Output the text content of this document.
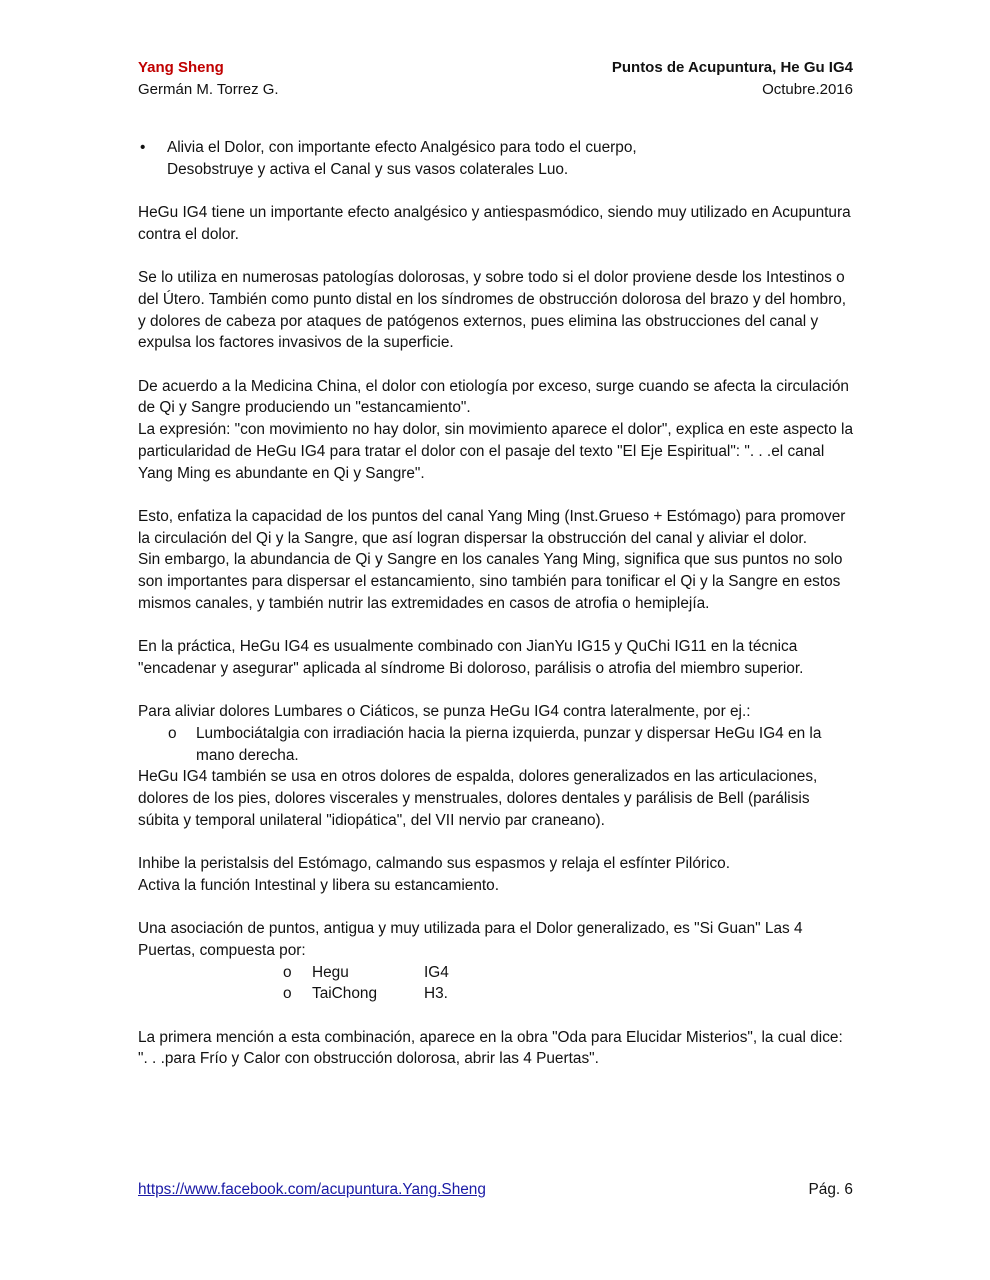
Yang Sheng
Germán M. Torrez G.
Puntos de Acupuntura, He Gu IG4
Octubre.2016
• Alivia el Dolor, con importante efecto Analgésico para todo el cuerpo,
Desobstruye y activa el Canal y sus vasos colaterales Luo.

HeGu IG4 tiene un importante efecto analgésico y antiespasmódico, siendo muy utilizado en Acupuntura contra el dolor.

Se lo utiliza en numerosas patologías dolorosas, y sobre todo si el dolor proviene desde los Intestinos o del Útero. También como punto distal en los síndromes de obstrucción dolorosa del brazo y del hombro, y dolores de cabeza por ataques de patógenos externos, pues elimina las obstrucciones del canal y expulsa los factores invasivos de la superficie.

De acuerdo a la Medicina China, el dolor con etiología por exceso, surge cuando se afecta la circulación de Qi y Sangre produciendo un "estancamiento".
La expresión: "con movimiento no hay dolor, sin movimiento aparece el dolor", explica en este aspecto la particularidad de HeGu IG4 para tratar el dolor con el pasaje del texto "El Eje Espiritual": ". . .el canal Yang Ming es abundante en Qi y Sangre".
Esto, enfatiza la capacidad de los puntos del canal Yang Ming (Inst.Grueso + Estómago) para promover la circulación del Qi y la Sangre, que así logran dispersar la obstrucción del canal y aliviar el dolor.
Sin embargo, la abundancia de Qi y Sangre en los canales Yang Ming, significa que sus puntos no solo son importantes para dispersar el estancamiento, sino también para tonificar el Qi y la Sangre en estos mismos canales, y también nutrir las extremidades en casos de atrofia o hemiplejía.

En la práctica, HeGu IG4 es usualmente combinado con JianYu IG15 y QuChi IG11 en la técnica "encadenar y asegurar" aplicada al síndrome Bi doloroso, parálisis o atrofia del miembro superior.

Para aliviar dolores Lumbares o Ciáticos, se punza HeGu IG4 contra lateralmente, por ej.:
o Lumbociátalgia con irradiación hacia la pierna izquierda, punzar y dispersar HeGu IG4 en la mano derecha.
HeGu IG4 también se usa en otros dolores de espalda, dolores generalizados en las articulaciones, dolores de los pies, dolores viscerales y menstruales, dolores dentales y parálisis de Bell (parálisis súbita y temporal unilateral "idiopática", del VII nervio par craneano).
Inhibe la peristalsis del Estómago, calmando sus espasmos y relaja el esfínter Pilórico.
Activa la función Intestinal y libera su estancamiento.
Una asociación de puntos, antigua y muy utilizada para el Dolor generalizado, es "Si Guan" Las 4 Puertas, compuesta por:
o Hegu	IG4
o TaiChong	H3.

La primera mención a esta combinación, aparece en la obra "Oda para Elucidar Misterios", la cual dice: ". . .para Frío y Calor con obstrucción dolorosa, abrir las 4 Puertas".

https://www.facebook.com/acupuntura.Yang.Sheng	Pág. 6
